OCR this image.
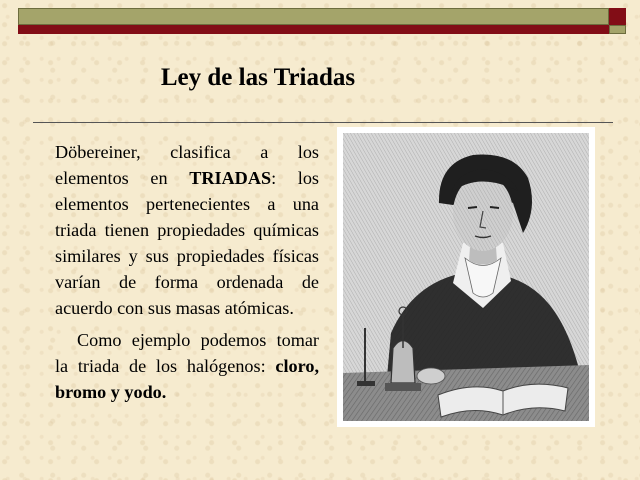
Ley de las Triadas

Döbereiner, clasifica a los elementos en TRIADAS: los elementos pertenecientes a una triada tienen propiedades químicas similares y sus propiedades físicas varían de forma ordenada de acuerdo con sus masas atómicas.

Como ejemplo podemos tomar la triada de los halógenos: cloro, bromo y yodo.
